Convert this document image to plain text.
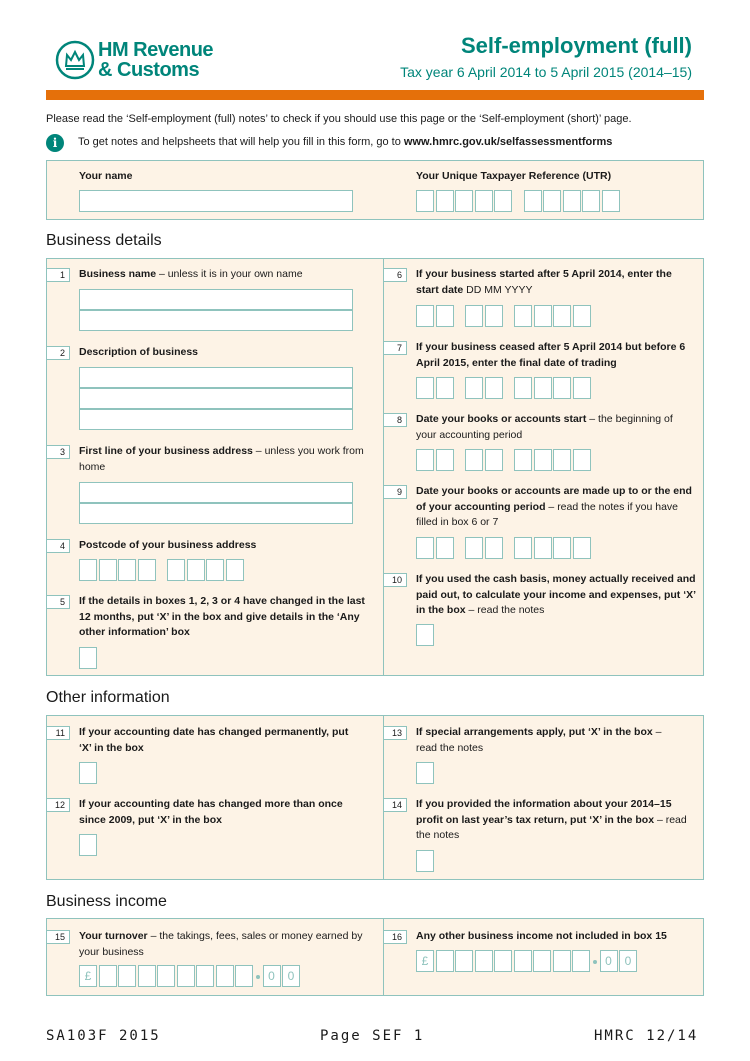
HM Revenue
& Customs
Self-employment (full)
Tax year 6 April 2014 to 5 April 2015 (2014–15)
Please read the ‘Self-employment (full) notes’ to check if you should use this page or the ‘Self-employment (short)’ page.
i	To get notes and helpsheets that will help you fill in this form, go to www.hmrc.gov.uk/selfassessmentforms
Your name	Your Unique Taxpayer Reference (UTR)
Business details
1	Business name – unless it is in your own name
2	Description of business
3	First line of your business address – unless you work from home
4	Postcode of your business address
5	If the details in boxes 1, 2, 3 or 4 have changed in the last 12 months, put ‘X’ in the box and give details in the ‘Any other information’ box
6	If your business started after 5 April 2014, enter the start date DD MM YYYY
7	If your business ceased after 5 April 2014 but before 6 April 2015, enter the final date of trading
8	Date your books or accounts start – the beginning of your accounting period
9	Date your books or accounts are made up to or the end of your accounting period – read the notes if you have filled in box 6 or 7
10	If you used the cash basis, money actually received and paid out, to calculate your income and expenses, put ‘X’ in the box – read the notes
Other information
11	If your accounting date has changed permanently, put ‘X’ in the box
12	If your accounting date has changed more than once since 2009, put ‘X’ in the box
13	If special arrangements apply, put ‘X’ in the box – read the notes
14	If you provided the information about your 2014–15 profit on last year’s tax return, put ‘X’ in the box – read the notes
Business income
15	Your turnover – the takings, fees, sales or money earned by your business
£	0	0
16	Any other business income not included in box 15
£	0	0
SA103F 2015	Page SEF 1	HMRC 12/14
